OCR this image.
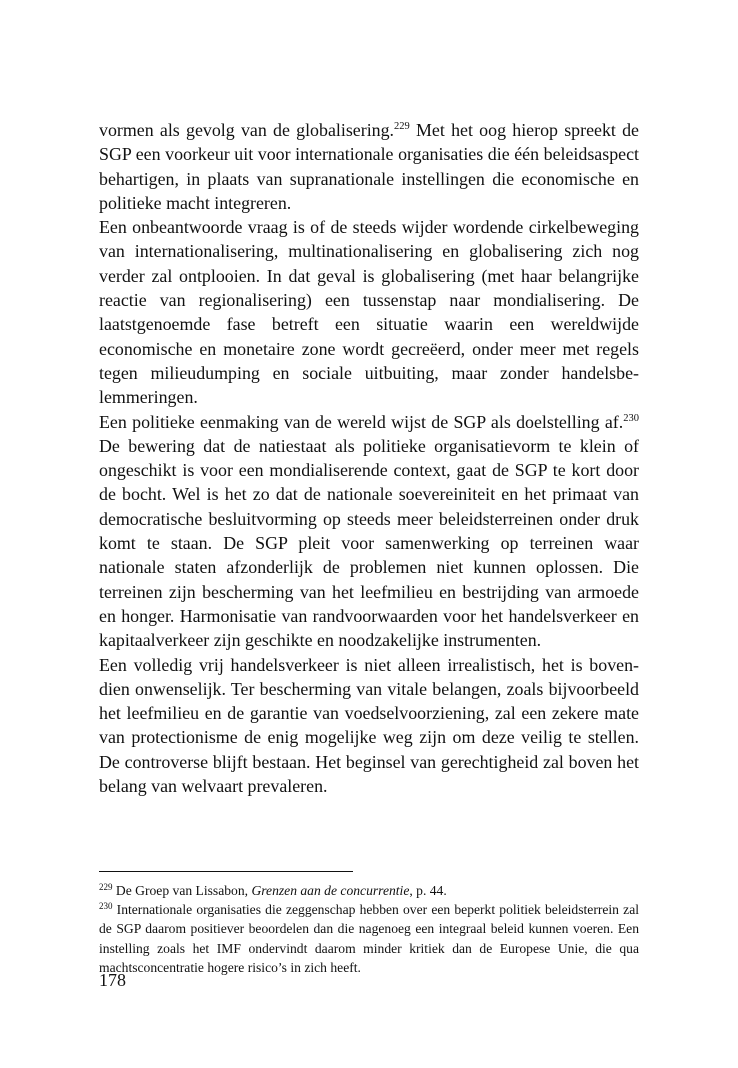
vormen als gevolg van de globalisering.$^{229}$ Met het oog hierop spreekt de SGP een voorkeur uit voor internationale organisaties die één beleidsaspect behartigen, in plaats van supranationale instellingen die economische en politieke macht integreren.

Een onbeantwoorde vraag is of de steeds wijder wordende cirkelbeweging van internationalisering, multinationalisering en globalisering zich nog verder zal ontplooien. In dat geval is globalisering (met haar belangrijke reactie van regionalisering) een tussenstap naar mondialisering. De laatstgenoemde fase betreft een situatie waarin een wereldwijde economische en monetaire zone wordt gecreëerd, onder meer met regels tegen milieudumping en sociale uitbuiting, maar zonder handelsbelemmeringen.

Een politieke eenmaking van de wereld wijst de SGP als doelstelling af.$^{230}$ De bewering dat de natiestaat als politieke organisatievorm te klein of ongeschikt is voor een mondialiserende context, gaat de SGP te kort door de bocht. Wel is het zo dat de nationale soevereiniteit en het primaat van democratische besluitvorming op steeds meer beleidsterreinen onder druk komt te staan. De SGP pleit voor samenwerking op terreinen waar nationale staten afzonderlijk de problemen niet kunnen oplossen. Die terreinen zijn bescherming van het leefmilieu en bestrijding van armoede en honger. Harmonisatie van randvoorwaarden voor het handelsverkeer en kapitaalverkeer zijn geschikte en noodzakelijke instrumenten.

Een volledig vrij handelsverkeer is niet alleen irrealistisch, het is bovendien onwenselijk. Ter bescherming van vitale belangen, zoals bijvoorbeeld het leefmilieu en de garantie van voedselvoorziening, zal een zekere mate van protectionisme de enig mogelijke weg zijn om deze veilig te stellen. De controverse blijft bestaan. Het beginsel van gerechtigheid zal boven het belang van welvaart prevaleren.

$^{229}$ De Groep van Lissabon, Grenzen aan de concurrentie, p. 44.

$^{230}$ Internationale organisaties die zeggenschap hebben over een beperkt politiek beleidsterrein zal de SGP daarom positiever beoordelen dan die nagenoeg een integraal beleid kunnen voeren. Een instelling zoals het IMF ondervindt daarom minder kritiek dan de Europese Unie, die qua machtsconcentratie hogere risico’s in zich heeft.

178
